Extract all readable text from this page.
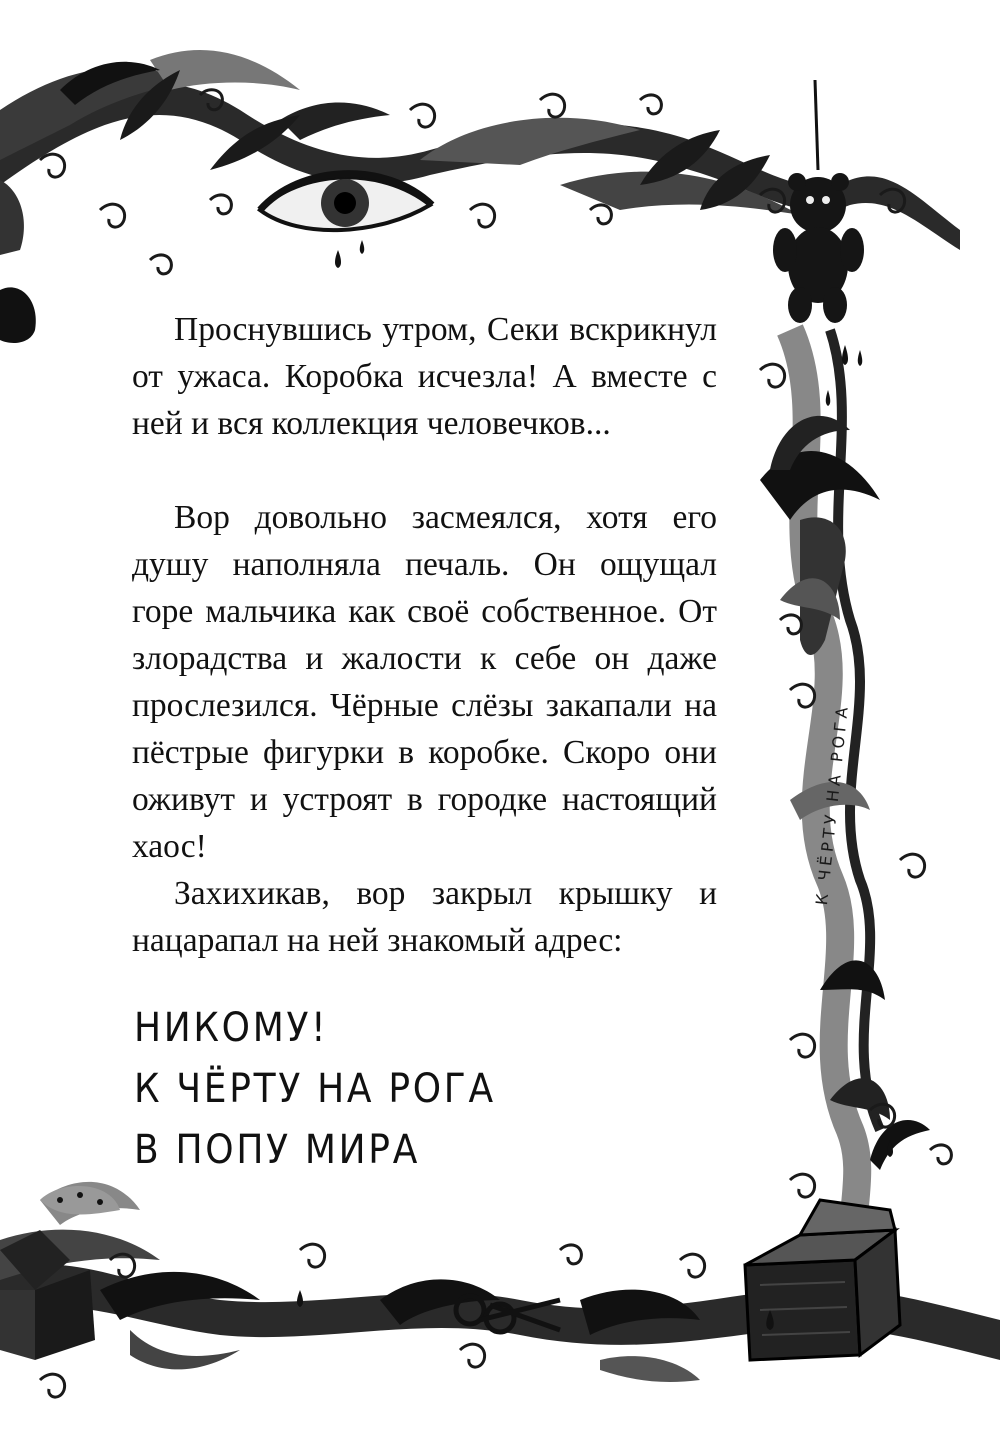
Проснувшись утром, Секи вскрикнул от ужаса. Коробка исчезла! А вместе с ней и вся коллекция человечков...

Вор довольно засмеялся, хотя его душу наполняла печаль. Он ощущал горе мальчика как своё собственное. От злорадства и жалости к себе он даже прослезился. Чёрные слёзы закапали на пёстрые фигурки в коробке. Скоро они оживут и устроят в городке настоящий хаос!

Захихикав, вор закрыл крышку и нацарапал на ней знакомый адрес:

НИКОМУ!
К ЧЁРТУ НА РОГА
В ПОПУ МИРА
К ЧЁРТУ НА РОГА
